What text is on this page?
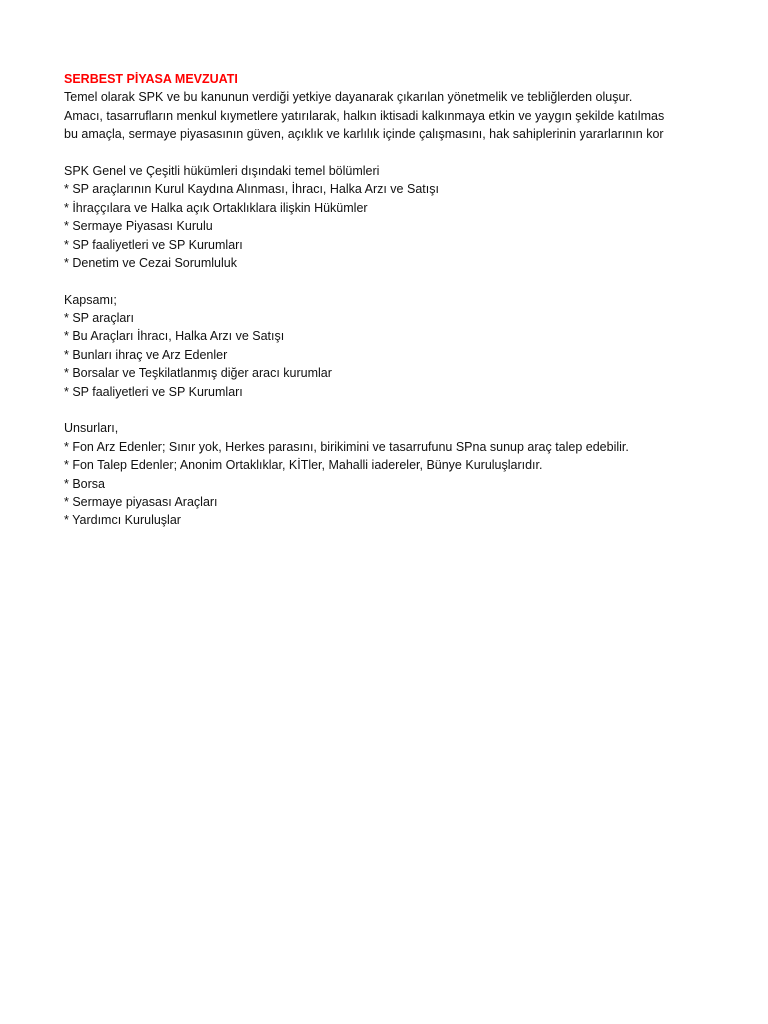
SERBEST PİYASA MEVZUATI
Temel olarak SPK ve bu kanunun verdiği yetkiye dayanarak çıkarılan yönetmelik ve tebliğlerden oluşur.
Amacı, tasarrufların menkul kıymetlere yatırılarak, halkın iktisadi kalkınmaya etkin ve yaygın şekilde katılmas
bu amaçla, sermaye piyasasının güven, açıklık ve karlılık içinde çalışmasını, hak sahiplerinin yararlarının kor
SPK Genel ve Çeşitli hükümleri dışındaki temel bölümleri
* SP araçlarının Kurul Kaydına Alınması, İhracı, Halka Arzı ve Satışı
* İhraççılara ve Halka açık Ortaklıklara ilişkin Hükümler
* Sermaye Piyasası Kurulu
* SP faaliyetleri ve SP Kurumları
* Denetim ve Cezai Sorumluluk
Kapsamı;
* SP araçları
* Bu Araçları İhracı, Halka Arzı ve Satışı
* Bunları ihraç ve Arz Edenler
* Borsalar ve Teşkilatlanmış diğer aracı kurumlar
* SP faaliyetleri ve SP Kurumları
Unsurları,
* Fon Arz Edenler; Sınır yok, Herkes parasını, birikimini ve tasarrufunu SPna sunup araç talep edebilir.
* Fon Talep Edenler; Anonim Ortaklıklar, KİTler, Mahalli iadereler, Bünye Kuruluşlarıdır.
* Borsa
* Sermaye piyasası Araçları
* Yardımcı Kuruluşlar
